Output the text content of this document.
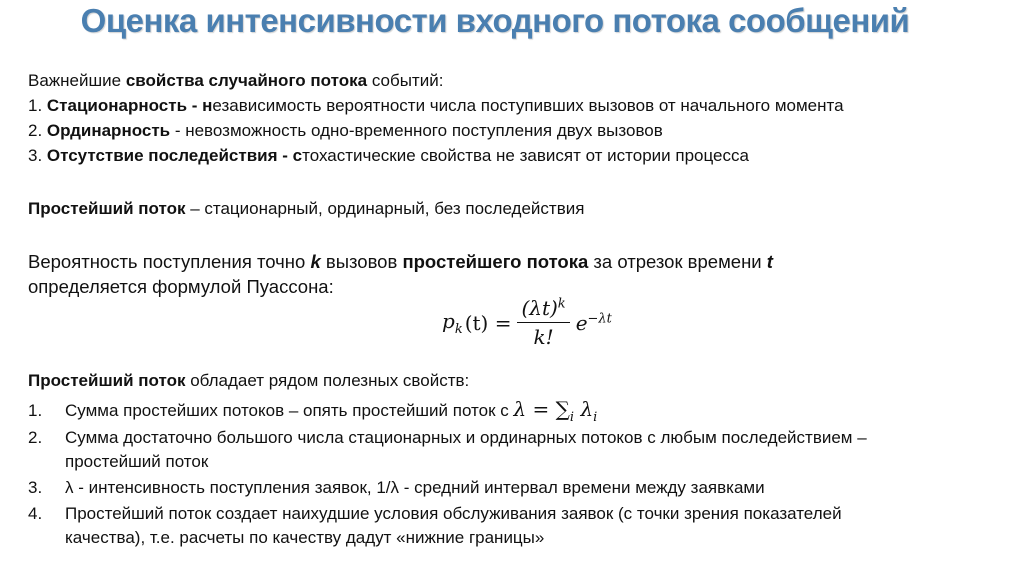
Оценка интенсивности входного потока сообщений
Важнейшие свойства случайного потока событий:
1. Стационарность - независимость вероятности числа поступивших вызовов от начального момента
2. Ординарность - невозможность одно-временного поступления двух вызовов
3. Отсутствие последействия - стохастические свойства не зависят от истории процесса
Простейший поток – стационарный, ординарный, без последействия
Вероятность поступления точно k вызовов простейшего потока за отрезок времени t
определяется формулой Пуассона:
$p_k$ $(t) = \frac{(\lambda t)^k}{k!} e^{-\lambda t}$
Простейший поток обладает рядом полезных свойств:
1. Сумма простейших потоков – опять простейший поток с $\lambda = \sum_i$ $\lambda_i$
2. Сумма достаточно большого числа стационарных и ординарных потоков с любым последействием –
простейший поток
3. λ - интенсивность поступления заявок, 1/λ - средний интервал времени между заявками
4. Простейший поток создает наихудшие условия обслуживания заявок (с точки зрения показателей
качества), т.е. расчеты по качеству дадут «нижние границы»
